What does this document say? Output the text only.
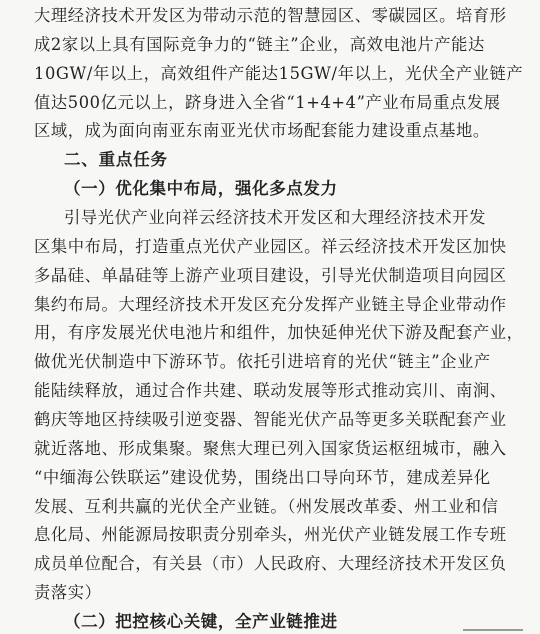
大理经济技术开发区为带动示范的智慧园区、零碳园区。培育形
成2家以上具有国际竞争力的“链主”企业，高效电池片产能达
10GW/年以上，高效组件产能达15GW/年以上，光伏全产业链产
值达500亿元以上，跻身进入全省“1+4+4”产业布局重点发展
区域，成为面向南亚东南亚光伏市场配套能力建设重点基地。
二、重点任务
（一）优化集中布局，强化多点发力
引导光伏产业向祥云经济技术开发区和大理经济技术开发
区集中布局，打造重点光伏产业园区。祥云经济技术开发区加快
多晶硅、单晶硅等上游产业项目建设，引导光伏制造项目向园区
集约布局。大理经济技术开发区充分发挥产业链主导企业带动作
用，有序发展光伏电池片和组件，加快延伸光伏下游及配套产业，
做优光伏制造中下游环节。依托引进培育的光伏“链主”企业产
能陆续释放，通过合作共建、联动发展等形式推动宾川、南涧、
鹤庆等地区持续吸引逆变器、智能光伏产品等更多关联配套产业
就近落地、形成集聚。聚焦大理已列入国家货运枢纽城市，融入
“中缅海公铁联运”建设优势，围绕出口导向环节，建成差异化
发展、互利共赢的光伏全产业链。（州发展改革委、州工业和信
息化局、州能源局按职责分别牵头，州光伏产业链发展工作专班
成员单位配合，有关县（市）人民政府、大理经济技术开发区负
责落实）
（二）把控核心关键，全产业链推进
